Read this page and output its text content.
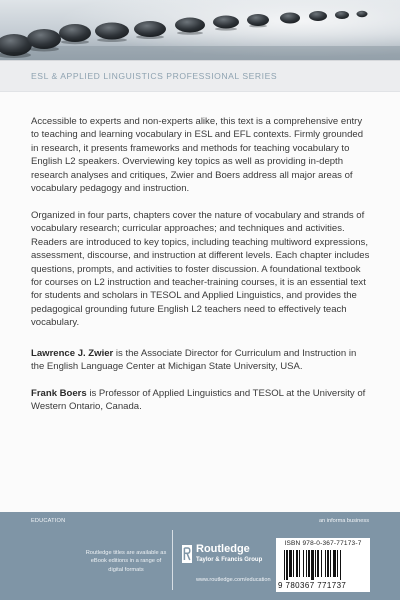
ESL & APPLIED LINGUISTICS PROFESSIONAL SERIES

Accessible to experts and non-experts alike, this text is a comprehensive entry to teaching and learning vocabulary in ESL and EFL contexts. Firmly grounded in research, it presents frameworks and methods for teaching vocabulary to English L2 speakers. Overviewing key topics as well as providing in-depth research analyses and critiques, Zwier and Boers address all major areas of vocabulary pedagogy and instruction.

Organized in four parts, chapters cover the nature of vocabulary and strands of vocabulary research; curricular approaches; and techniques and activities. Readers are introduced to key topics, including teaching multiword expressions, assessment, discourse, and instruction at different levels. Each chapter includes questions, prompts, and activities to foster discussion. A foundational textbook for courses on L2 instruction and teacher-training courses, it is an essential text for students and scholars in TESOL and Applied Linguistics, and provides the pedagogical grounding future English L2 teachers need to effectively teach vocabulary.

Lawrence J. Zwier is the Associate Director for Curriculum and Instruction in the English Language Center at Michigan State University, USA.

Frank Boers is Professor of Applied Linguistics and TESOL at the University of Western Ontario, Canada.

EDUCATION	an informa business
Routledge titles are available as eBook editions in a range of digital formats
Routledge
Taylor & Francis Group
www.routledge.com/education
ISBN 978-0-367-77173-7
9 780367 771737
